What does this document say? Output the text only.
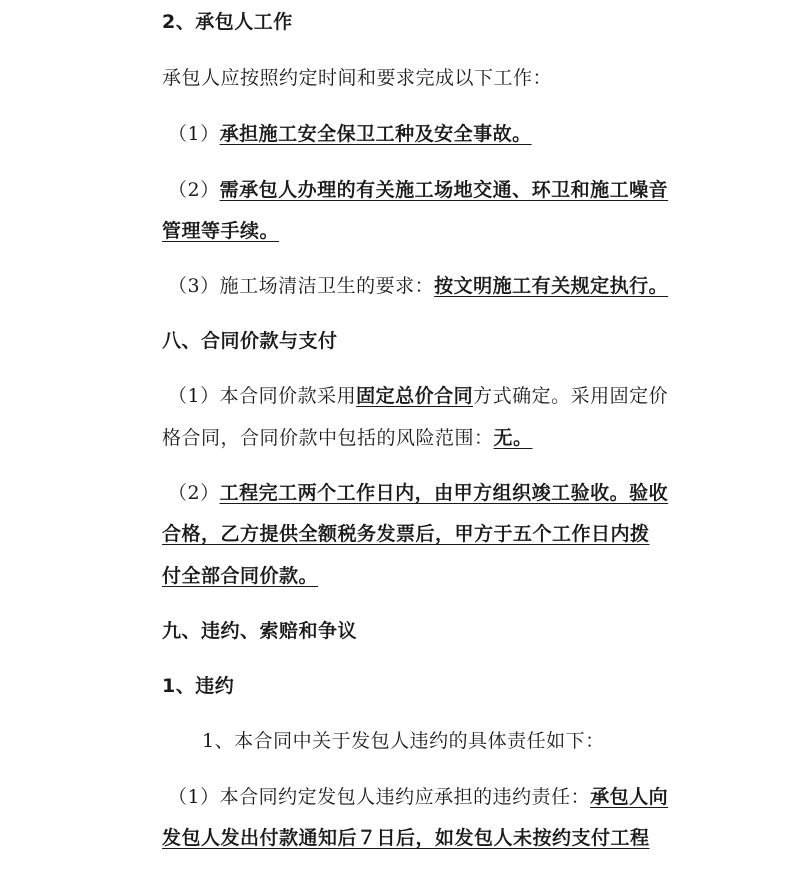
2、承包人工作
承包人应按照约定时间和要求完成以下工作：
（1）承担施工安全保卫工种及安全事故。
（2）需承包人办理的有关施工场地交通、环卫和施工噪音
管理等手续。
（3）施工场清洁卫生的要求：按文明施工有关规定执行。
八、合同价款与支付
（1）本合同价款采用固定总价合同方式确定。采用固定价
格合同，合同价款中包括的风险范围：无。
（2）工程完工两个工作日内，由甲方组织竣工验收。验收
合格，乙方提供全额税务发票后，甲方于五个工作日内拨
付全部合同价款。
九、违约、索赔和争议
1、违约
1、本合同中关于发包人违约的具体责任如下：
（1）本合同约定发包人违约应承担的违约责任：承包人向
发包人发出付款通知后７日后，如发包人未按约支付工程
